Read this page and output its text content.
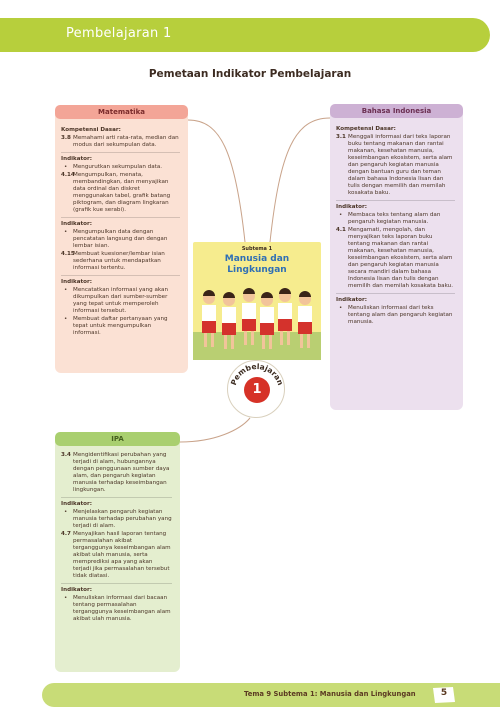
Pembelajaran 1
Pemetaan Indikator Pembelajaran
Matematika
Kompetensi Dasar:
3.8 Memahami arti rata-rata, median dan modus dari sekumpulan data.
Indikator:
•	Mengurutkan sekumpulan data.
4.14
Mengumpulkan, menata, membandingkan, dan menyajikan data ordinal dan diskret menggunakan tabel, grafik batang piktogram, dan diagram lingkaran (grafik kue serabi).
Indikator:
•	Mengumpulkan data dengan pencatatan langsung dan dengan lembar isian.
4.15
Membuat kuesioner/lembar isian sederhana untuk mendapatkan informasi tertentu.
Indikator:
•	Mencatatkan informasi yang akan dikumpulkan dari sumber-sumber yang tepat untuk memperoleh informasi tersebut.
•	Membuat daftar pertanyaan yang tepat untuk mengumpulkan informasi.
Bahasa Indonesia
Kompetensi Dasar:
3.1 Menggali informasi dari teks laporan buku tentang makanan dan rantai makanan, kesehatan manusia, keseimbangan ekosistem, serta alam dan pengaruh kegiatan manusia dengan bantuan guru dan teman dalam bahasa Indonesia lisan dan tulis dengan memilih dan memilah kosakata baku.
Indikator:
•	Membaca teks tentang alam dan pengaruh kegiatan manusia.
4.1 Mengamati, mengolah, dan menyajikan teks laporan buku tentang makanan dan rantai makanan, kesehatan manusia, keseimbangan ekosistem, serta alam dan pengaruh kegiatan manusia secara mandiri dalam bahasa Indonesia lisan dan tulis dengan memilih dan memilah kosakata baku.
Indikator:
•	Menuliskan informasi dari teks tentang alam dan pengaruh kegiatan manusia.
IPA
3.4 Mengidentifikasi perubahan yang terjadi di alam, hubungannya dengan penggunaan sumber daya alam, dan pengaruh kegiatan manusia terhadap keseimbangan lingkungan.
Indikator:
•	Menjelaskan pengaruh kegiatan manusia terhadap perubahan yang terjadi di alam.
4.7 Menyajikan hasil laporan tentang permasalahan akibat terganggunya keseimbangan alam akibat ulah manusia, serta memprediksi apa yang akan terjadi jika permasalahan tersebut tidak diatasi.
Indikator:
•	Menuliskan informasi dari bacaan tentang permasalahan terganggunya keseimbangan alam akibat ulah manusia.
Subtema 1
Manusia dan
Lingkungan
Pembelajaran
1
Tema 9 Subtema 1: Manusia dan Lingkungan	5
